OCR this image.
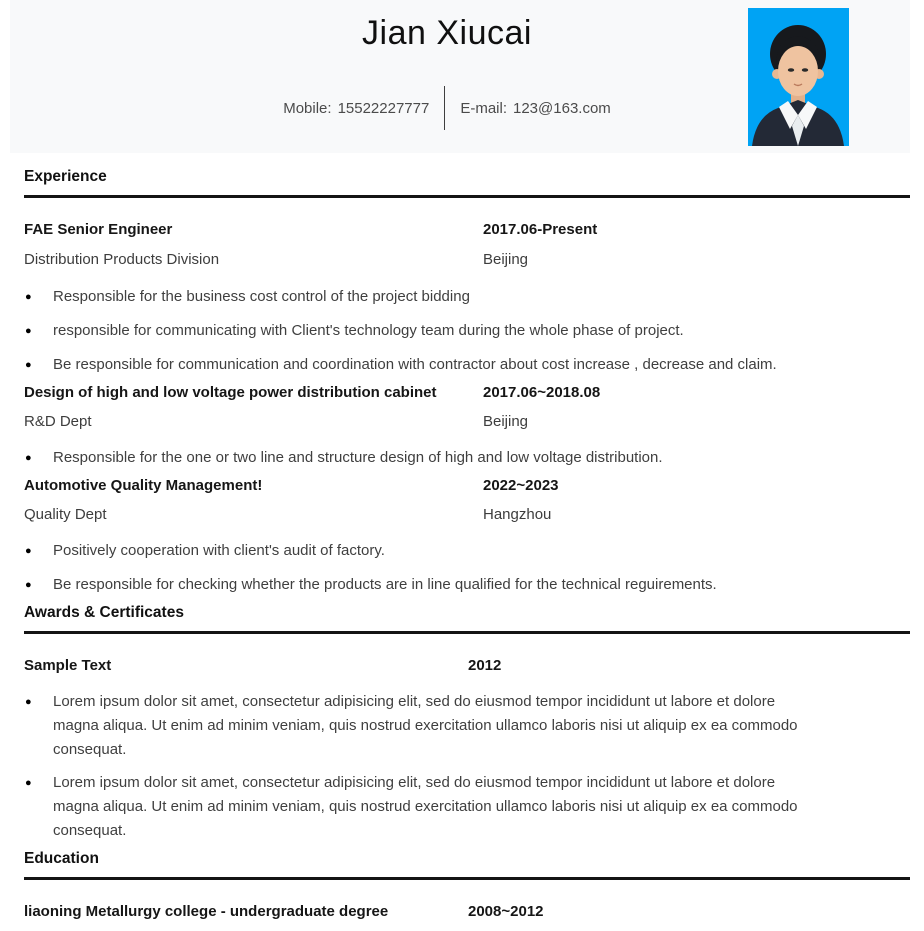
Jian Xiucai
Mobile: 15522227777 E-mail: 123@163.com
Experience
FAE Senior Engineer	2017.06-Present
Distribution Products Division	Beijing
●	Responsible for the business cost control of the project bidding
●	responsible for communicating with Client's technology team during the whole phase of project.
●	Be responsible for communication and coordination with contractor about cost increase , decrease and claim.
Design of high and low voltage power distribution cabinet	2017.06~2018.08
R&D Dept	Beijing
●	Responsible for the one or two line and structure design of high and low voltage distribution.
Automotive Quality Management!	2022~2023
Quality Dept	Hangzhou
●	Positively cooperation with client's audit of factory.
●	Be responsible for checking whether the products are in line qualified for the technical reguirements.
Awards & Certificates
Sample Text	2012
●	Lorem ipsum dolor sit amet, consectetur adipisicing elit, sed do eiusmod tempor incididunt ut labore et dolore magna aliqua. Ut enim ad minim veniam, quis nostrud exercitation ullamco laboris nisi ut aliquip ex ea commodo consequat.
●	Lorem ipsum dolor sit amet, consectetur adipisicing elit, sed do eiusmod tempor incididunt ut labore et dolore magna aliqua. Ut enim ad minim veniam, quis nostrud exercitation ullamco laboris nisi ut aliquip ex ea commodo consequat.
Education
liaoning Metallurgy college - undergraduate degree	2008~2012
